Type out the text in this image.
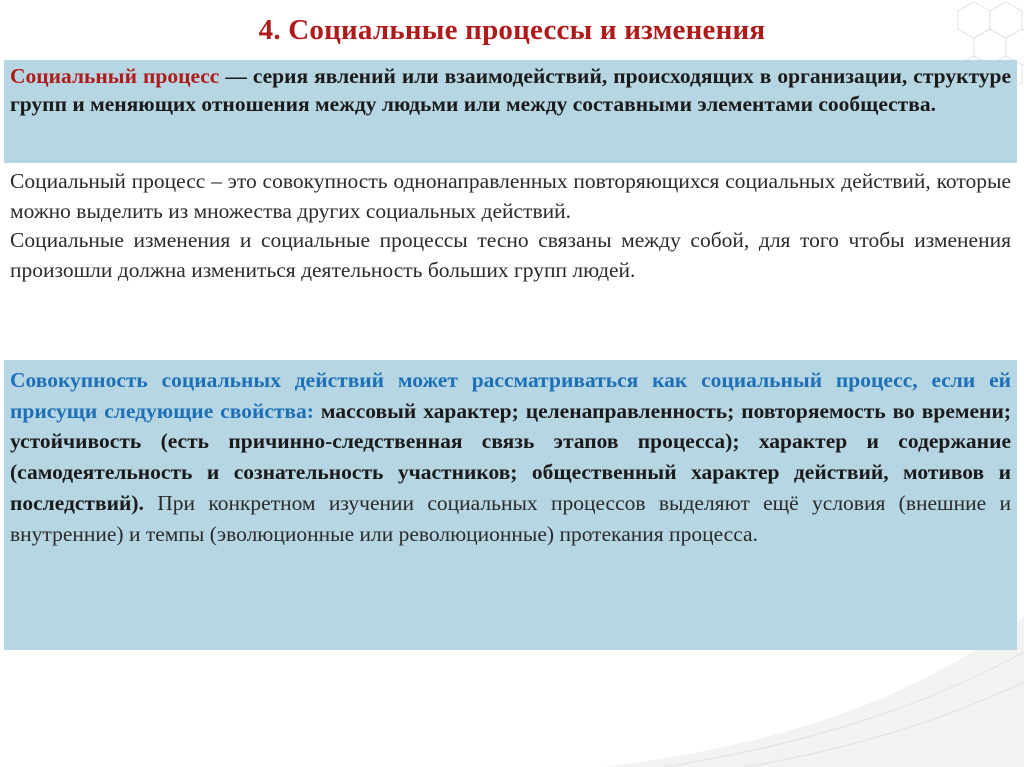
4. Социальные процессы и изменения
Социальный процесс — серия явлений или взаимодействий, происходящих в организации, структуре групп и меняющих отношения между людьми или между составными элементами сообщества.

Социальный процесс – это совокупность однонаправленных повторяющихся социальных действий, которые можно выделить из множества других социальных действий.

Социальные изменения и социальные процессы тесно связаны между собой, для того чтобы изменения произошли должна измениться деятельность больших групп людей.

Совокупность социальных действий может рассматриваться как социальный процесс, если ей присущи следующие свойства: массовый характер; целенаправленность; повторяемость во времени; устойчивость (есть причинно-следственная связь этапов процесса); характер и содержание (самодеятельность и сознательность участников; общественный характер действий, мотивов и последствий). При конкретном изучении социальных процессов выделяют ещё условия (внешние и внутренние) и темпы (эволюционные или революционные) протекания процесса.
